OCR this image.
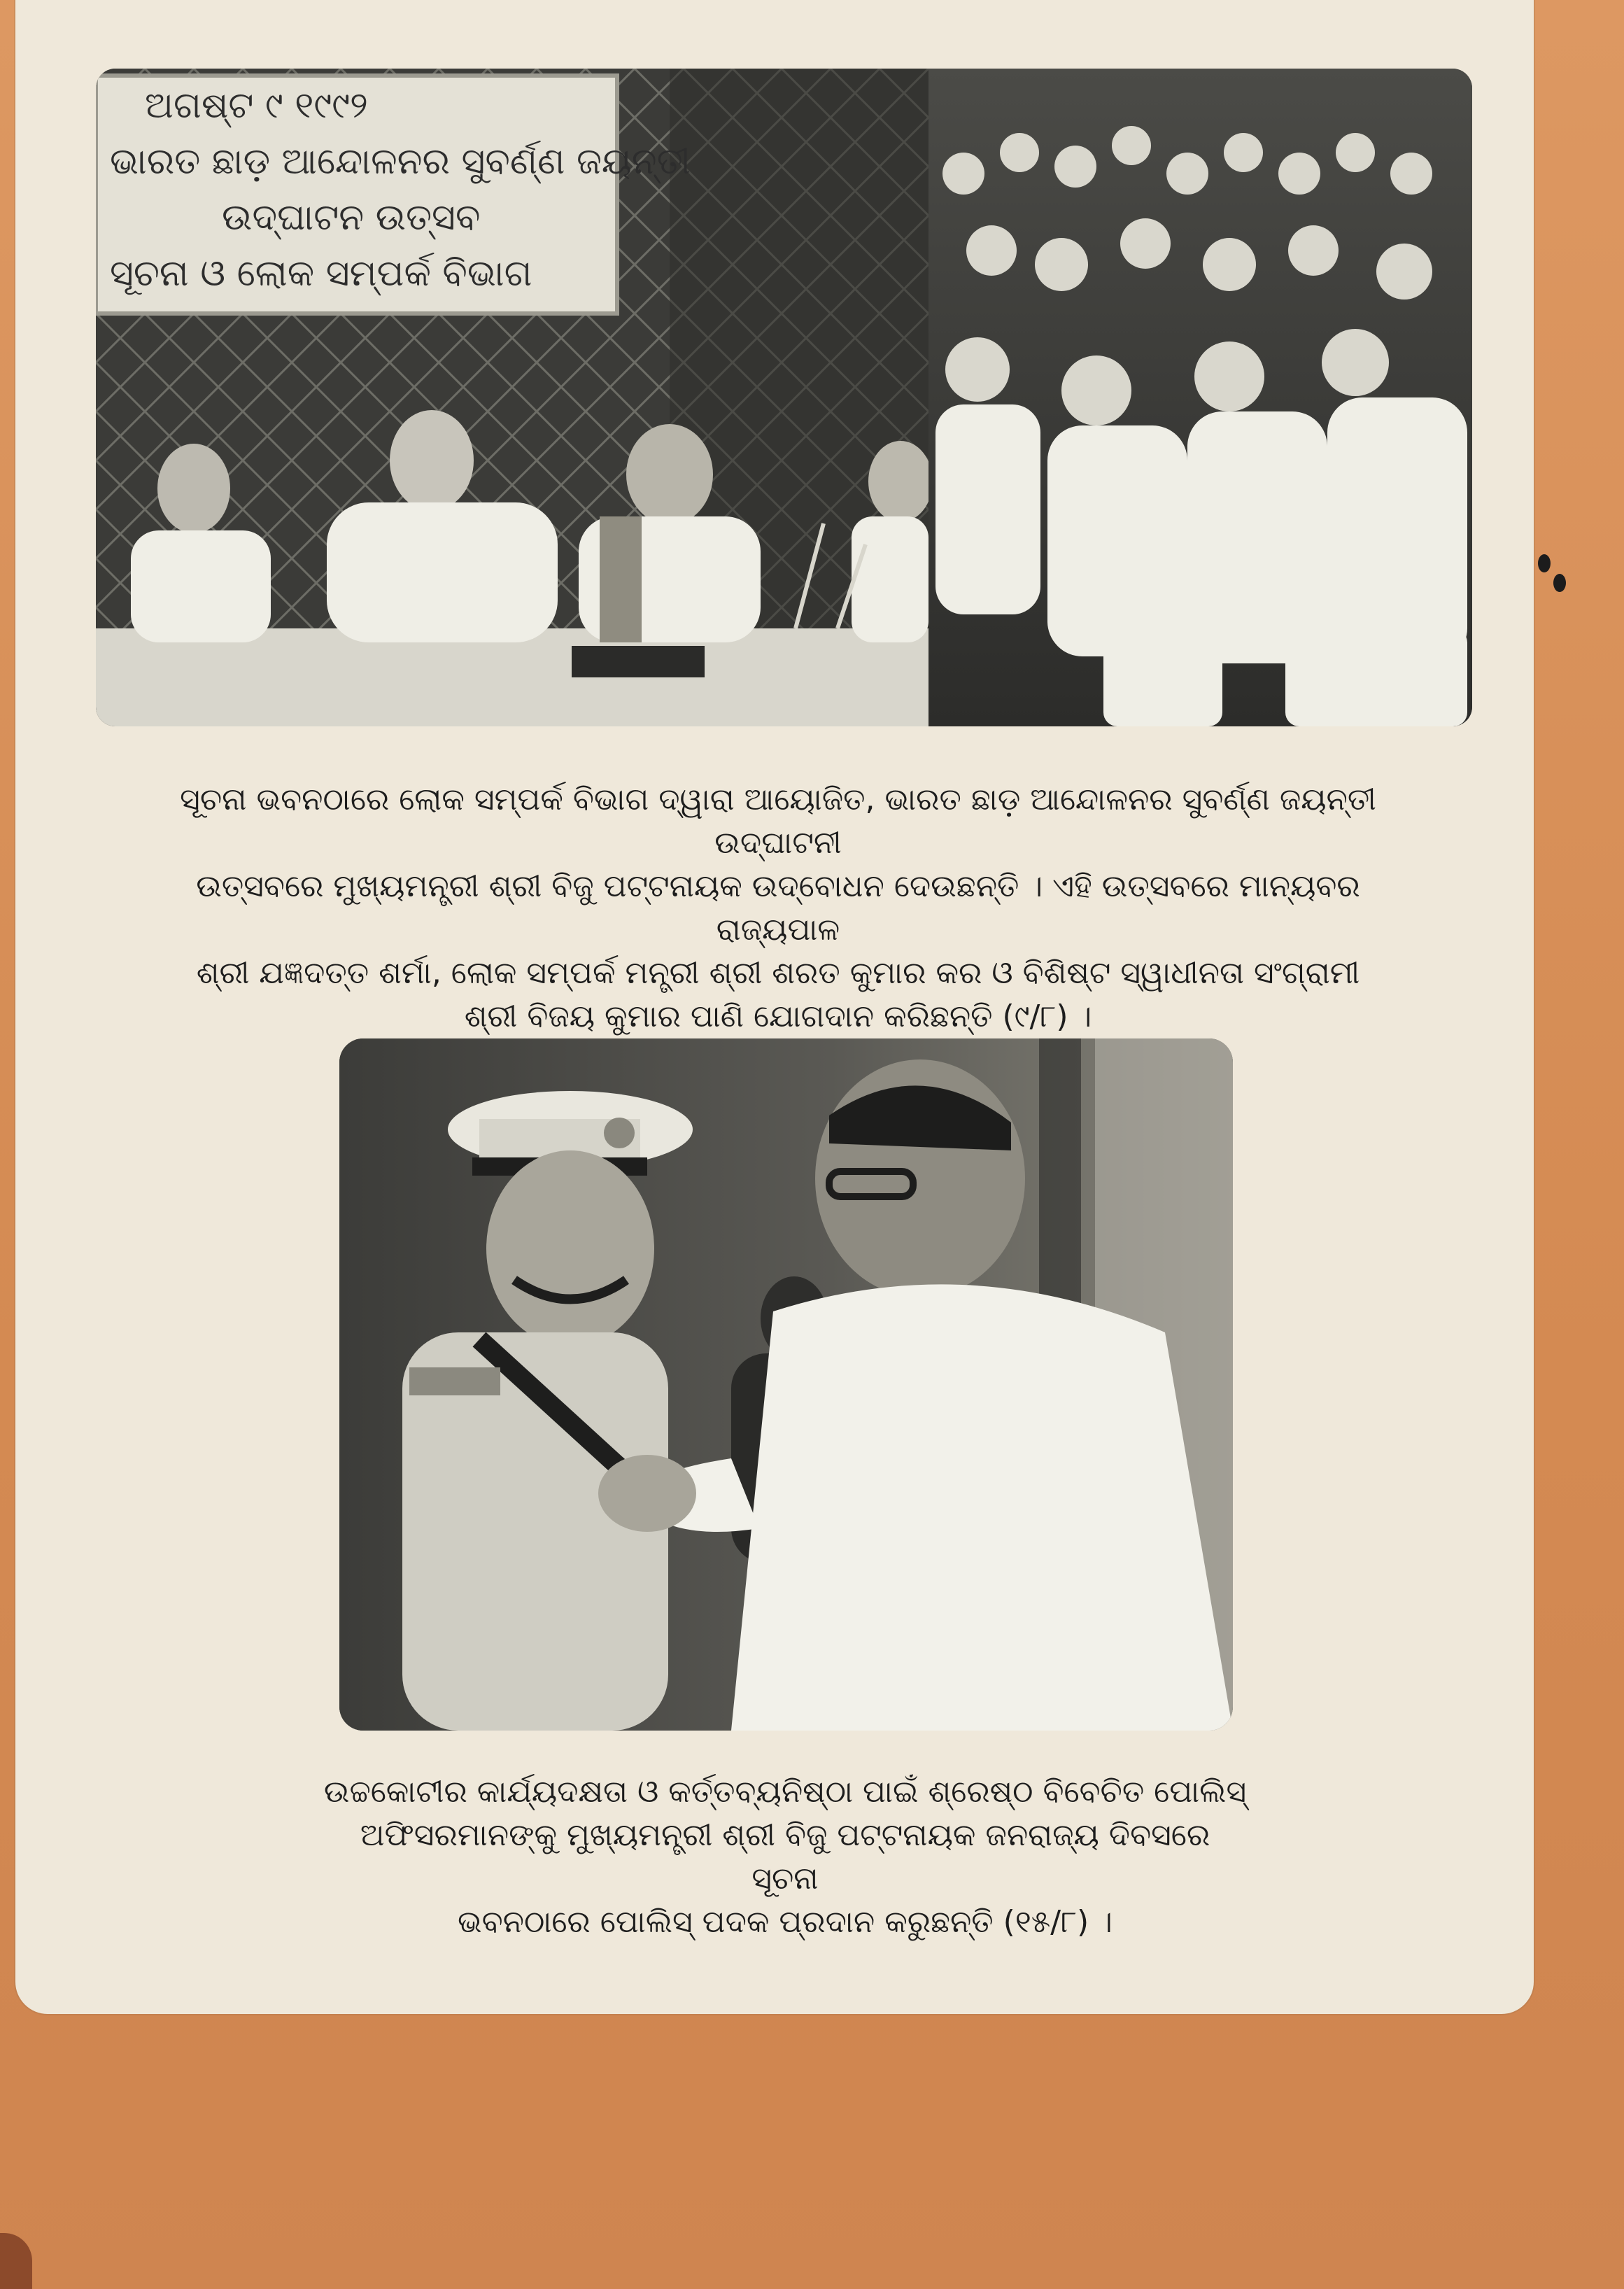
ଅଗଷ୍ଟ ୯ ୧୯୯୨
ଭାରତ ଛାଡ଼ ଆନ୍ଦୋଳନର ସୁବର୍ଣ୍ଣ ଜୟନ୍ତୀ
ଉଦ୍‌ଘାଟନ ଉତ୍ସବ
ସୂଚନା ଓ ଲୋକ ସମ୍ପର୍କ ବିଭାଗ

ସୂଚନା ଭବନଠାରେ ଲୋକ ସମ୍ପର୍କ ବିଭାଗ ଦ୍ୱାରା ଆୟୋଜିତ, ଭାରତ ଛାଡ଼ ଆନ୍ଦୋଳନର ସୁବର୍ଣ୍ଣ ଜୟନ୍ତୀ ଉଦ୍‌ଘାଟନୀ
ଉତ୍ସବରେ ମୁଖ୍ୟମନ୍ତ୍ରୀ ଶ୍ରୀ ବିଜୁ ପଟ୍ଟନାୟକ ଉଦ୍‌ବୋଧନ ଦେଉଛନ୍ତି । ଏହି ଉତ୍ସବରେ ମାନ୍ୟବର ରାଜ୍ୟପାଳ
ଶ୍ରୀ ଯଜ୍ଞଦତ୍ତ ଶର୍ମା, ଲୋକ ସମ୍ପର୍କ ମନ୍ତ୍ରୀ ଶ୍ରୀ ଶରତ କୁମାର କର ଓ ବିଶିଷ୍ଟ ସ୍ୱାଧୀନତା ସଂଗ୍ରାମୀ
ଶ୍ରୀ ବିଜୟ କୁମାର ପାଣି ଯୋଗଦାନ କରିଛନ୍ତି (୯/୮) ।

ଉଚ୍ଚକୋଟୀର କାର୍ଯ୍ୟଦକ୍ଷତା ଓ କର୍ତ୍ତବ୍ୟନିଷ୍ଠା ପାଇଁ ଶ୍ରେଷ୍ଠ ବିବେଚିତ ପୋଲିସ୍
ଅଫିସରମାନଙ୍କୁ ମୁଖ୍ୟମନ୍ତ୍ରୀ ଶ୍ରୀ ବିଜୁ ପଟ୍ଟନାୟକ ଜନରାଜ୍ୟ ଦିବସରେ ସୂଚନା
ଭବନଠାରେ ପୋଲିସ୍ ପଦକ ପ୍ରଦାନ କରୁଛନ୍ତି (୧୫/୮) ।
